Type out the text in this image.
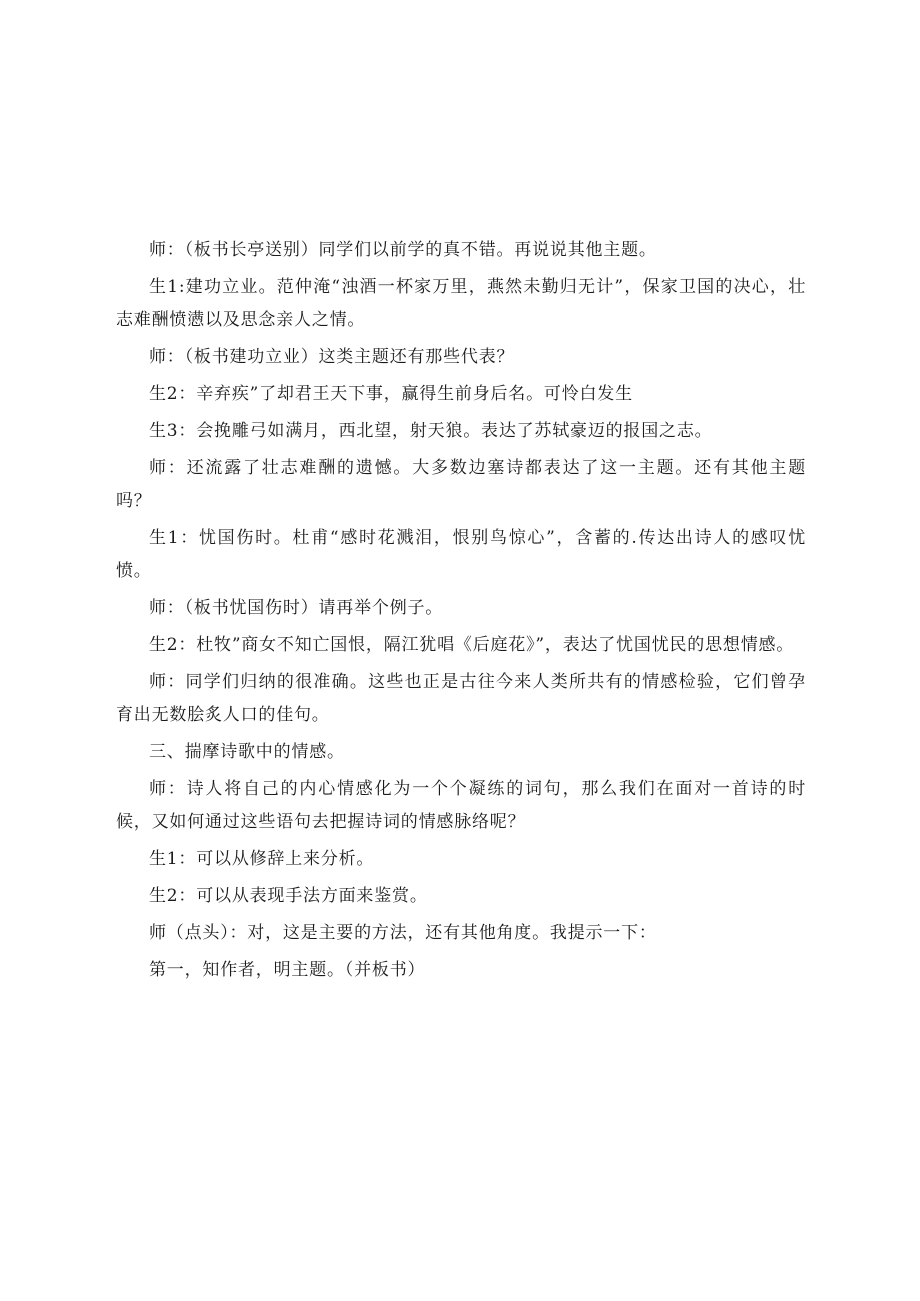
师：（板书长亭送别）同学们以前学的真不错。再说说其他主题。

生1:建功立业。范仲淹“浊酒一杯家万里，燕然未勤归无计”，保家卫国的决心，壮志难酬愤懑以及思念亲人之情。

师：（板书建功立业）这类主题还有那些代表？

生2：辛弃疾”了却君王天下事，赢得生前身后名。可怜白发生

生3：会挽雕弓如满月，西北望，射天狼。表达了苏轼豪迈的报国之志。

师：还流露了壮志难酬的遗憾。大多数边塞诗都表达了这一主题。还有其他主题吗？

生1：忧国伤时。杜甫“感时花溅泪，恨别鸟惊心”，含蓄的.传达出诗人的感叹忧愤。

师：（板书忧国伤时）请再举个例子。

生2：杜牧”商女不知亡国恨，隔江犹唱《后庭花》”，表达了忧国忧民的思想情感。

师：同学们归纳的很准确。这些也正是古往今来人类所共有的情感检验，它们曾孕育出无数脍炙人口的佳句。

三、揣摩诗歌中的情感。

师：诗人将自己的内心情感化为一个个凝练的词句，那么我们在面对一首诗的时候，又如何通过这些语句去把握诗词的情感脉络呢？

生1：可以从修辞上来分析。

生2：可以从表现手法方面来鉴赏。

师（点头）：对，这是主要的方法，还有其他角度。我提示一下：

第一，知作者，明主题。（并板书）
